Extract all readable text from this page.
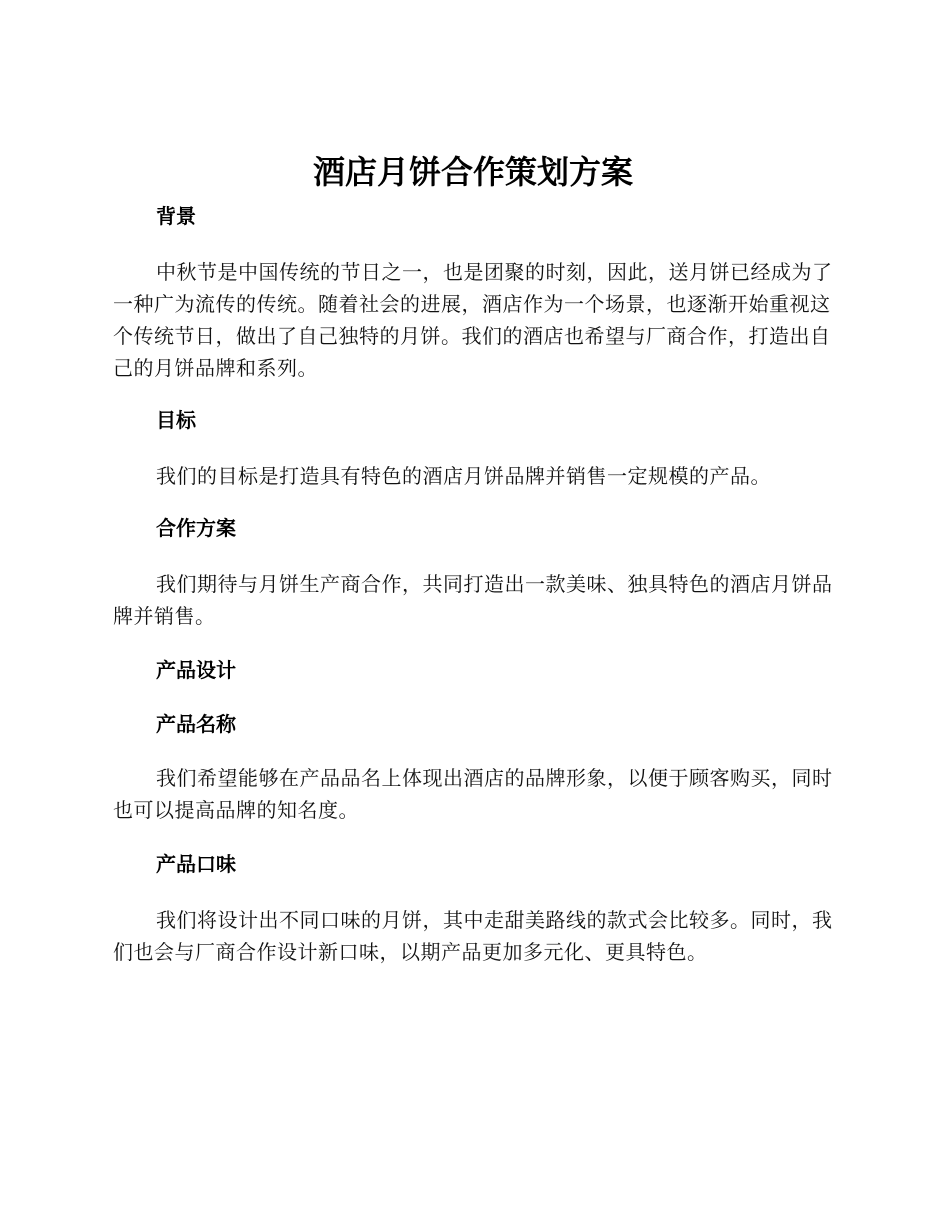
酒店月饼合作策划方案
背景

中秋节是中国传统的节日之一，也是团聚的时刻，因此，送月饼已经成为了一种广为流传的传统。随着社会的进展，酒店作为一个场景，也逐渐开始重视这个传统节日，做出了自己独特的月饼。我们的酒店也希望与厂商合作，打造出自己的月饼品牌和系列。

目标

我们的目标是打造具有特色的酒店月饼品牌并销售一定规模的产品。

合作方案

我们期待与月饼生产商合作，共同打造出一款美味、独具特色的酒店月饼品牌并销售。

产品设计
产品名称

我们希望能够在产品品名上体现出酒店的品牌形象，以便于顾客购买，同时也可以提高品牌的知名度。

产品口味

我们将设计出不同口味的月饼，其中走甜美路线的款式会比较多。同时，我们也会与厂商合作设计新口味，以期产品更加多元化、更具特色。
